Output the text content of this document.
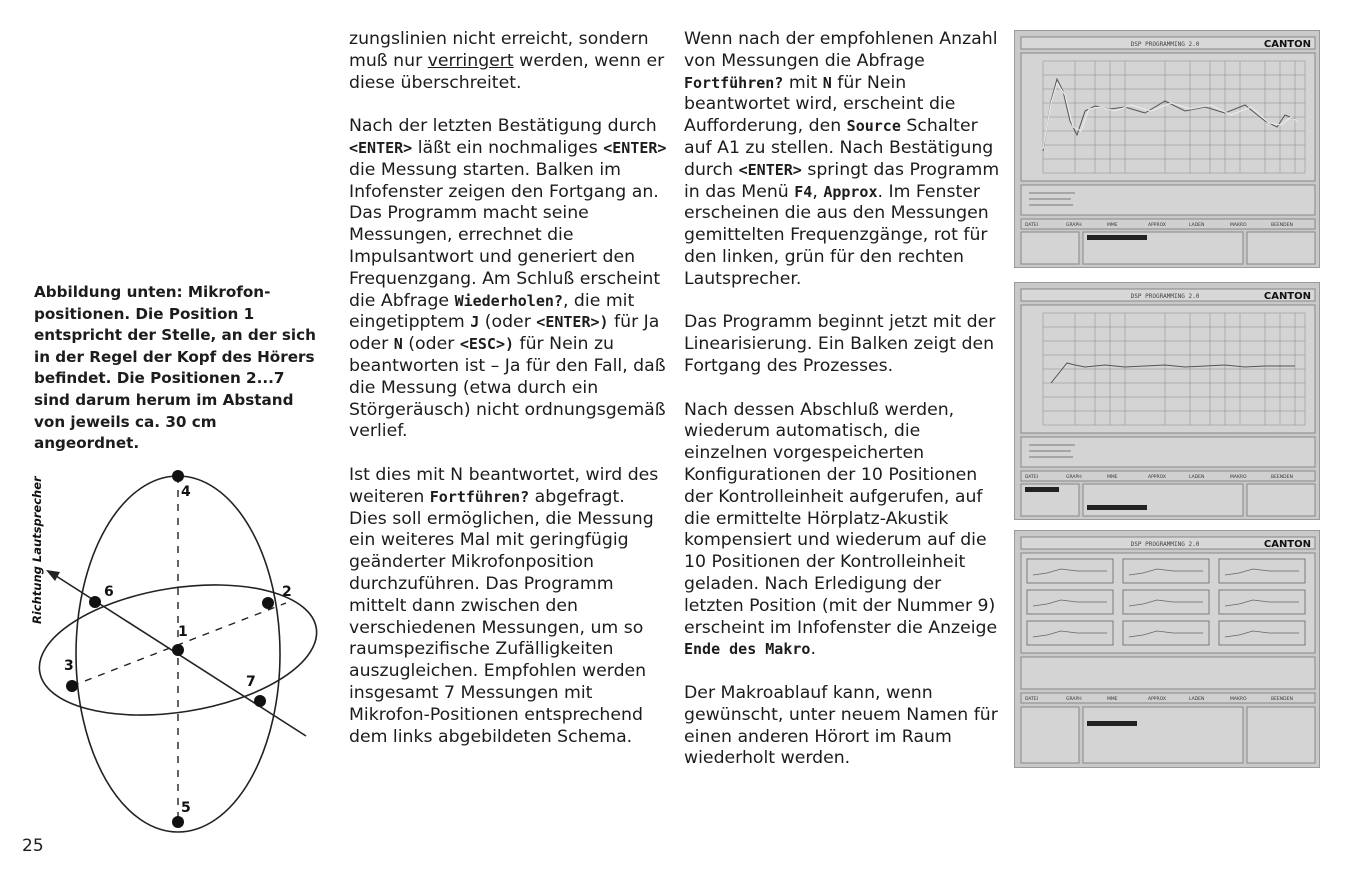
Abbildung unten: Mikrofon-positionen. Die Position 1 entspricht der Stelle, an der sich in der Regel der Kopf des Hörers befindet. Die Positionen 2...7 sind darum herum im Abstand von jeweils ca. 30 cm angeordnet.
1
2
3
4
5
6
7
Richtung Lautsprecher
25

zungslinien nicht erreicht, sondern muß nur verringert werden, wenn er diese überschreitet.

Nach der letzten Bestätigung durch <ENTER> läßt ein nochmaliges <ENTER> die Messung starten. Balken im Infofenster zeigen den Fortgang an. Das Programm macht seine Messungen, errechnet die Impulsantwort und generiert den Frequenzgang. Am Schluß erscheint die Abfrage Wiederholen?, die mit eingetipptem J (oder <ENTER>) für Ja oder N (oder <ESC>) für Nein zu beantworten ist – Ja für den Fall, daß die Messung (etwa durch ein Störgeräusch) nicht ordnungsgemäß verlief.

Ist dies mit N beantwortet, wird des weiteren Fortführen? abgefragt. Dies soll ermöglichen, die Messung ein weiteres Mal mit geringfügig geänderter Mikrofonposition durchzuführen. Das Programm mittelt dann zwischen den verschiedenen Messungen, um so raumspezifische Zufälligkeiten auszugleichen. Empfohlen werden insgesamt 7 Messungen mit Mikrofon-Positionen entsprechend dem links abgebildeten Schema.

Wenn nach der empfohlenen Anzahl von Messungen die Abfrage Fortführen? mit N für Nein beantwortet wird, erscheint die Aufforderung, den Source Schalter auf A1 zu stellen. Nach Bestätigung durch <ENTER> springt das Programm in das Menü F4, Approx. Im Fenster erscheinen die aus den Messungen gemittelten Frequenzgänge, rot für den linken, grün für den rechten Lautsprecher.

Das Programm beginnt jetzt mit der Linearisierung. Ein Balken zeigt den Fortgang des Prozesses.

Nach dessen Abschluß werden, wiederum automatisch, die einzelnen vorgespeicherten Konfigurationen der 10 Positionen der Kontrolleinheit aufgerufen, auf die ermittelte Hörplatz-Akustik kompensiert und wiederum auf die 10 Positionen der Kontrolleinheit geladen. Nach Erledigung der letzten Position (mit der Nummer 9) erscheint im Infofenster die Anzeige Ende des Makro.

Der Makroablauf kann, wenn gewünscht, unter neuem Namen für einen anderen Hörort im Raum wiederholt werden.

DSP PROGRAMMING 2.0	CANTON
DATEI	GRAPH	MME	APPROX	LADEN	MAKRO	BEENDEN
DSP PROGRAMMING 2.0	CANTON
DATEI	GRAPH	MME	APPROX	LADEN	MAKRO	BEENDEN
DSP PROGRAMMING 2.0	CANTON
DATEI	GRAPH	MME	APPROX	LADEN	MAKRO	BEENDEN
